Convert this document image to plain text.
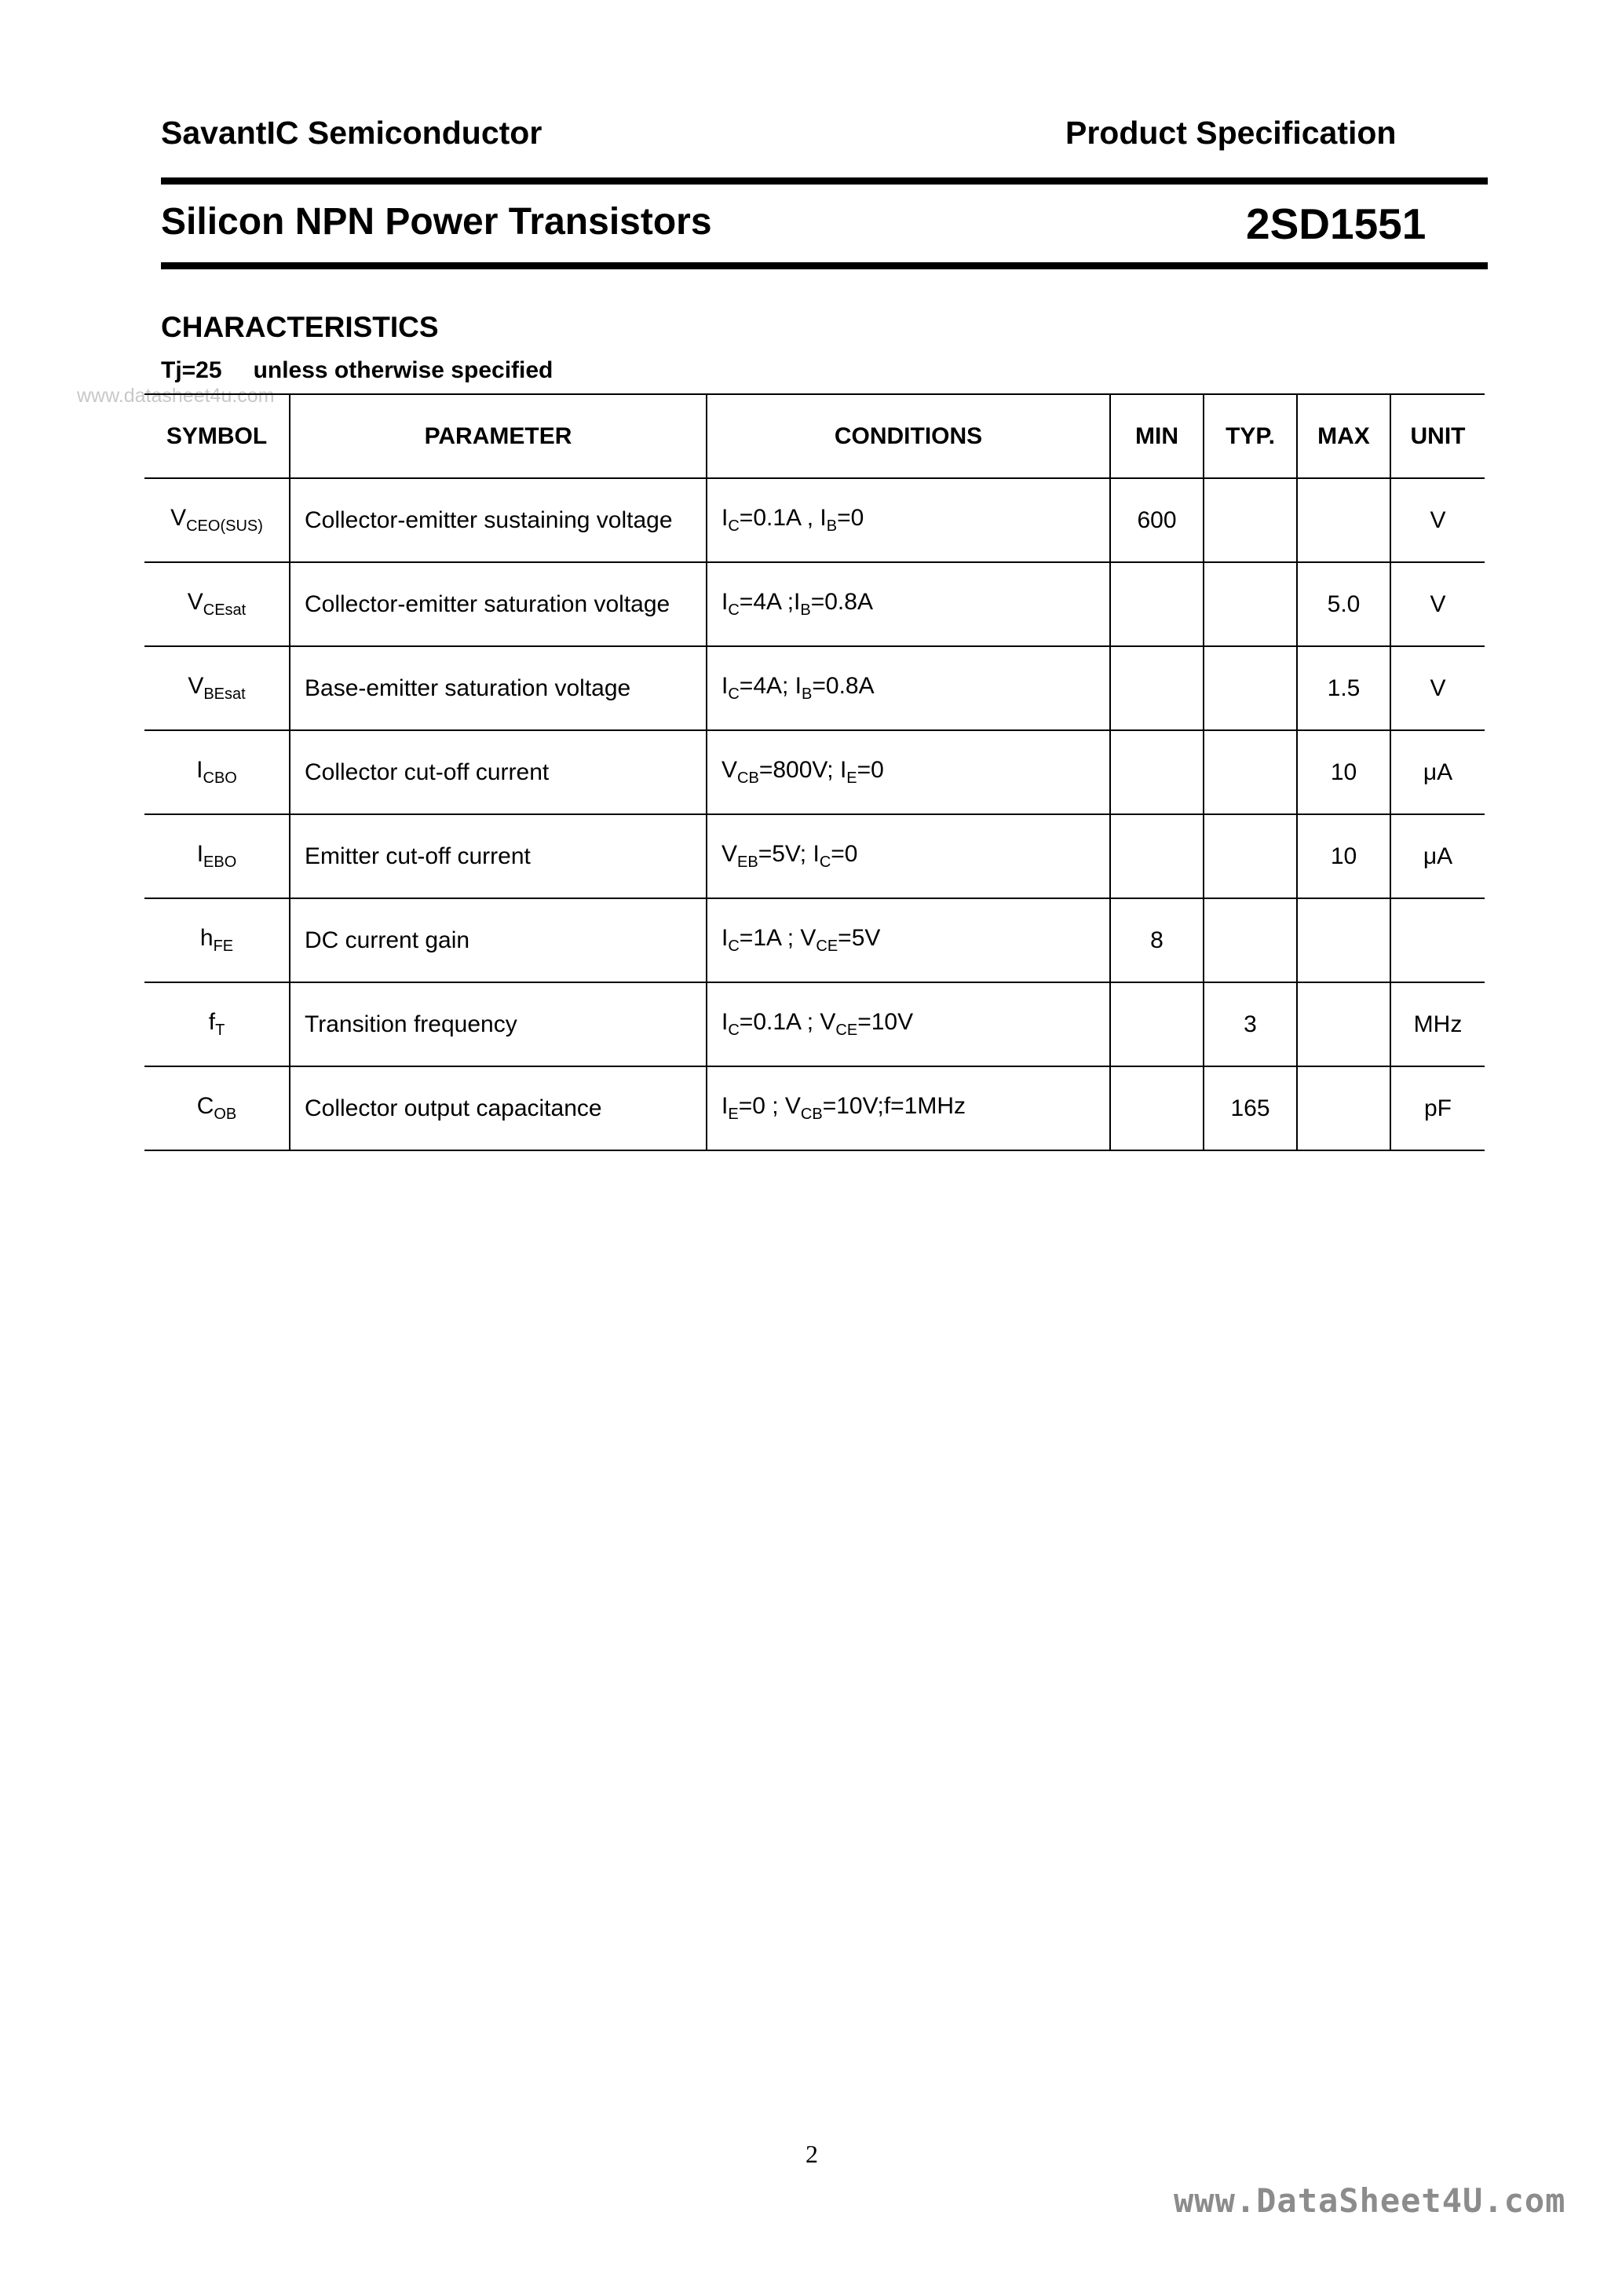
SavantIC Semiconductor	Product Specification
Silicon NPN Power Transistors	2SD1551
CHARACTERISTICS
Tj=25 unless otherwise specified
www.datasheet4u.com
SYMBOL	PARAMETER	CONDITIONS	MIN	TYP.	MAX	UNIT
$V_{CEO(SUS)}$	Collector-emitter sustaining voltage	$I_C=0.1A$ , $I_B=0$	600			V
$V_{CEsat}$	Collector-emitter saturation voltage	$I_C=4A$ $;I_B=0.8A$			5.0	V
$V_{BEsat}$	Base-emitter saturation voltage	$I_C=4A$; $I_B=0.8A$			1.5	V
$I_{CBO}$	Collector cut-off current	$V_{CB}=800V$; $I_E=0$			10	μA
$I_{EBO}$	Emitter cut-off current	$V_{EB}=5V$; $I_C=0$			10	μA
$h_{FE}$	DC current gain	$I_C=1A$ ; $V_{CE}=5V$	8			
$f_T$	Transition frequency	$I_C=0.1A$ ; $V_{CE}=10V$		3		MHz
$C_{OB}$	Collector output capacitance	$I_E=0$ ; $V_{CB}=10V;f=1MHz$		165		pF
2
www.DataSheet4U.com
